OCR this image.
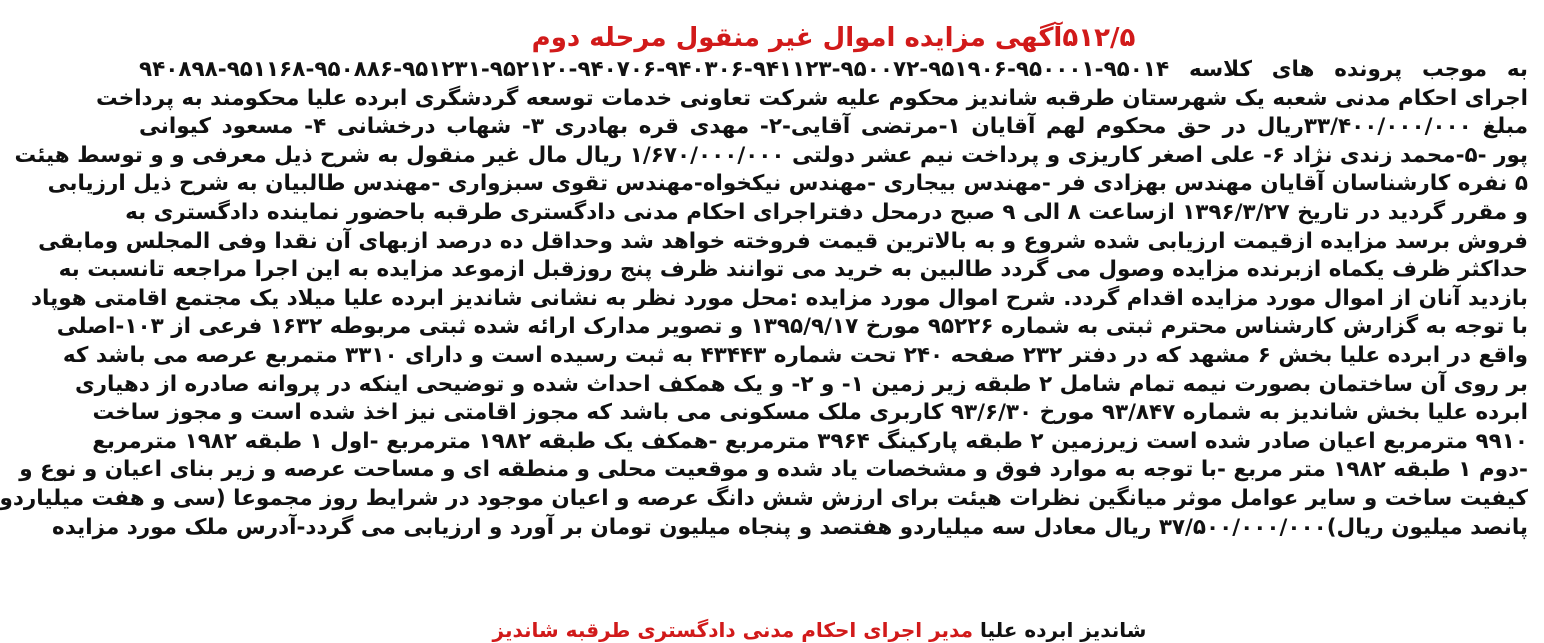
۵۱۲/۵آگهی مزایده اموال غیر منقول مرحله دوم
به موجب پرونده های کلاسه ۹۵۰۱۴-۹۵۰۰۰۱-۹۵۱۹۰۶-۹۵۰۰۷۲-۹۴۱۱۲۳-۹۴۰۳۰۶-۹۴۰۷۰۶-۹۵۲۱۲۰-۹۵۱۲۳۱-۹۵۰۸۸۶-۹۵۱۱۶۸-۹۴۰۸۹۸
اجرای احکام مدنی شعبه یک شهرستان طرقبه شاندیز محکوم علیه شرکت تعاونی خدمات توسعه گردشگری ابرده علیا محکومند به پرداخت
مبلغ ۳۳/۴۰۰/۰۰۰/۰۰۰ریال در حق محکوم لهم آقایان ۱-مرتضی آقایی-۲- مهدی قره بهادری ۳- شهاب درخشانی ۴- مسعود کیوانی
پور -۵-محمد زندی نژاد ۶- علی اصغر کاریزی و پرداخت نیم عشر دولتی ۱/۶۷۰/۰۰۰/۰۰۰ ریال مال غیر منقول به شرح ذیل معرفی و و توسط هیئت
۵ نفره کارشناسان آقایان مهندس بهزادی فر -مهندس بیجاری -مهندس نیکخواه-مهندس تقوی سبزواری -مهندس طالبیان به شرح ذیل ارزیابی
و مقرر گردید در تاریخ ۱۳۹۶/۳/۲۷ ازساعت ۸ الی ۹ صبح درمحل دفتراجرای احکام مدنی دادگستری طرقبه باحضور نماینده دادگستری به
فروش برسد مزایده ازقیمت ارزیابی شده شروع و به بالاترین قیمت فروخته خواهد شد وحداقل ده درصد ازبهای آن نقدا وفی المجلس ومابقی
حداکثر ظرف یکماه ازبرنده مزایده وصول می گردد طالبین به خرید می توانند ظرف پنج روزقبل ازموعد مزایده به این اجرا مراجعه تانسبت به
بازدید آنان از اموال مورد مزایده اقدام گردد. شرح اموال مورد مزایده :محل مورد نظر به نشانی شاندیز ابرده علیا میلاد یک مجتمع اقامتی هوپاد
با توجه به گزارش کارشناس محترم ثبتی به شماره ۹۵۲۲۶ مورخ ۱۳۹۵/۹/۱۷ و تصویر مدارک ارائه شده ثبتی مربوطه ۱۶۳۲ فرعی از ۱۰۳-اصلی
واقع در ابرده علیا بخش ۶ مشهد که در دفتر ۲۳۲ صفحه ۲۴۰ تحت شماره ۴۳۴۴۳ به ثبت رسیده است و دارای ۳۳۱۰ متمربع عرصه می باشد که
بر روی آن ساختمان بصورت نیمه تمام شامل ۲ طبقه زیر زمین ۱- و ۲- و یک همکف احداث شده و توضیحی اینکه در پروانه صادره از دهیاری
ابرده علیا بخش شاندیز به شماره ۹۳/۸۴۷ مورخ ۹۳/۶/۳۰ کاربری ملک مسکونی می باشد که مجوز اقامتی نیز اخذ شده است و مجوز ساخت
۹۹۱۰ مترمربع اعیان صادر شده است زیرزمین ۲ طبقه پارکینگ ۳۹۶۴ مترمربع -همکف یک طبقه ۱۹۸۲ مترمربع -اول ۱ طبقه ۱۹۸۲ مترمربع
-دوم ۱ طبقه ۱۹۸۲ متر مربع -با توجه به موارد فوق و مشخصات یاد شده و موقعیت محلی و منطقه ای و مساحت عرصه و زیر بنای اعیان و نوع و
کیفیت ساخت و سایر عوامل موثر میانگین نظرات هیئت برای ارزش شش دانگ عرصه و اعیان موجود در شرایط روز مجموعا (سی و هفت میلیاردو
پانصد میلیون ریال)۳۷/۵۰۰/۰۰۰/۰۰۰ ریال معادل سه میلیاردو هفتصد و پنجاه میلیون تومان بر آورد و ارزیابی می گردد-آدرس ملک مورد مزایده
شاندیز ابرده علیا مدیر اجرای احکام مدنی دادگستری طرقبه شاندیز
